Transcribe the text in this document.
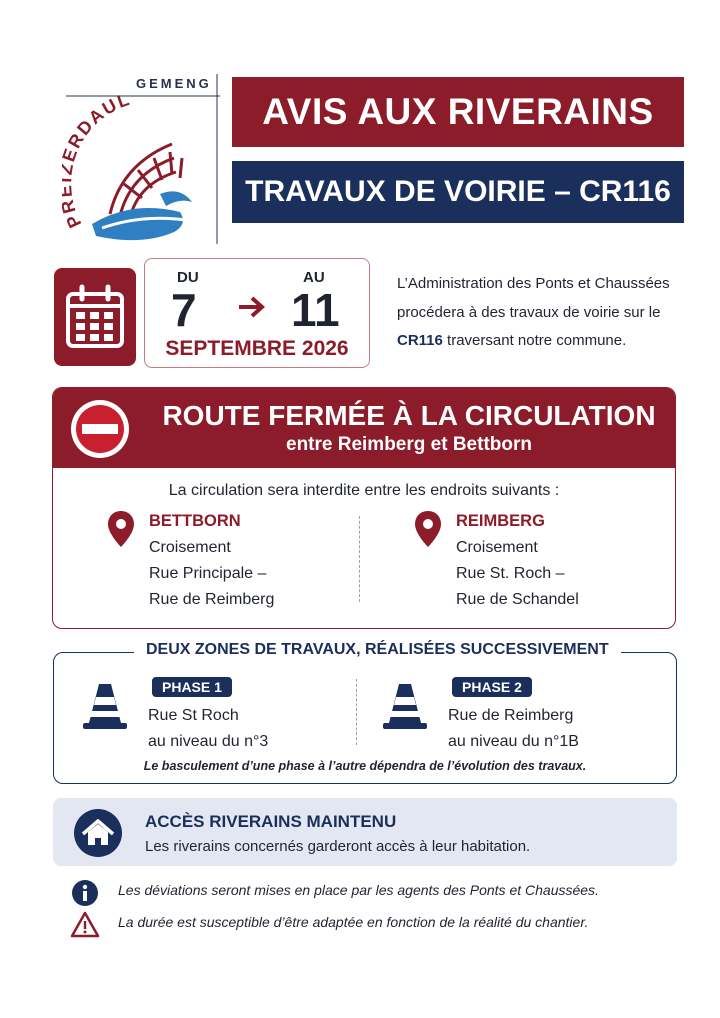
GEMENG
P RDAUL	AVIS AUX RIVERAINS
TRAVAUX DE VOIRIE – CR116
DU
7
AU
11
SEPTEMBRE 2026
L’Administration des Ponts et Chaussées procédera à des travaux de voirie sur le CR116 traversant notre commune.
ROUTE FERMÉE À LA CIRCULATION
entre Reimberg et Bettborn
La circulation sera interdite entre les endroits suivants :
BETTBORN
Croisement
Rue Principale –
Rue de Reimberg
REIMBERG
Croisement
Rue St. Roch –
Rue de Schandel
DEUX ZONES DE TRAVAUX, RÉALISÉES SUCCESSIVEMENT
PHASE 1
Rue St Roch
au niveau du n°3
PHASE 2
Rue de Reimberg
au niveau du n°1B
Le basculement d’une phase à l’autre dépendra de l’évolution des travaux.
ACCÈS RIVERAINS MAINTENU
Les riverains concernés garderont accès à leur habitation.
Les déviations seront mises en place par les agents des Ponts et Chaussées.
La durée est susceptible d’être adaptée en fonction de la réalité du chantier.
